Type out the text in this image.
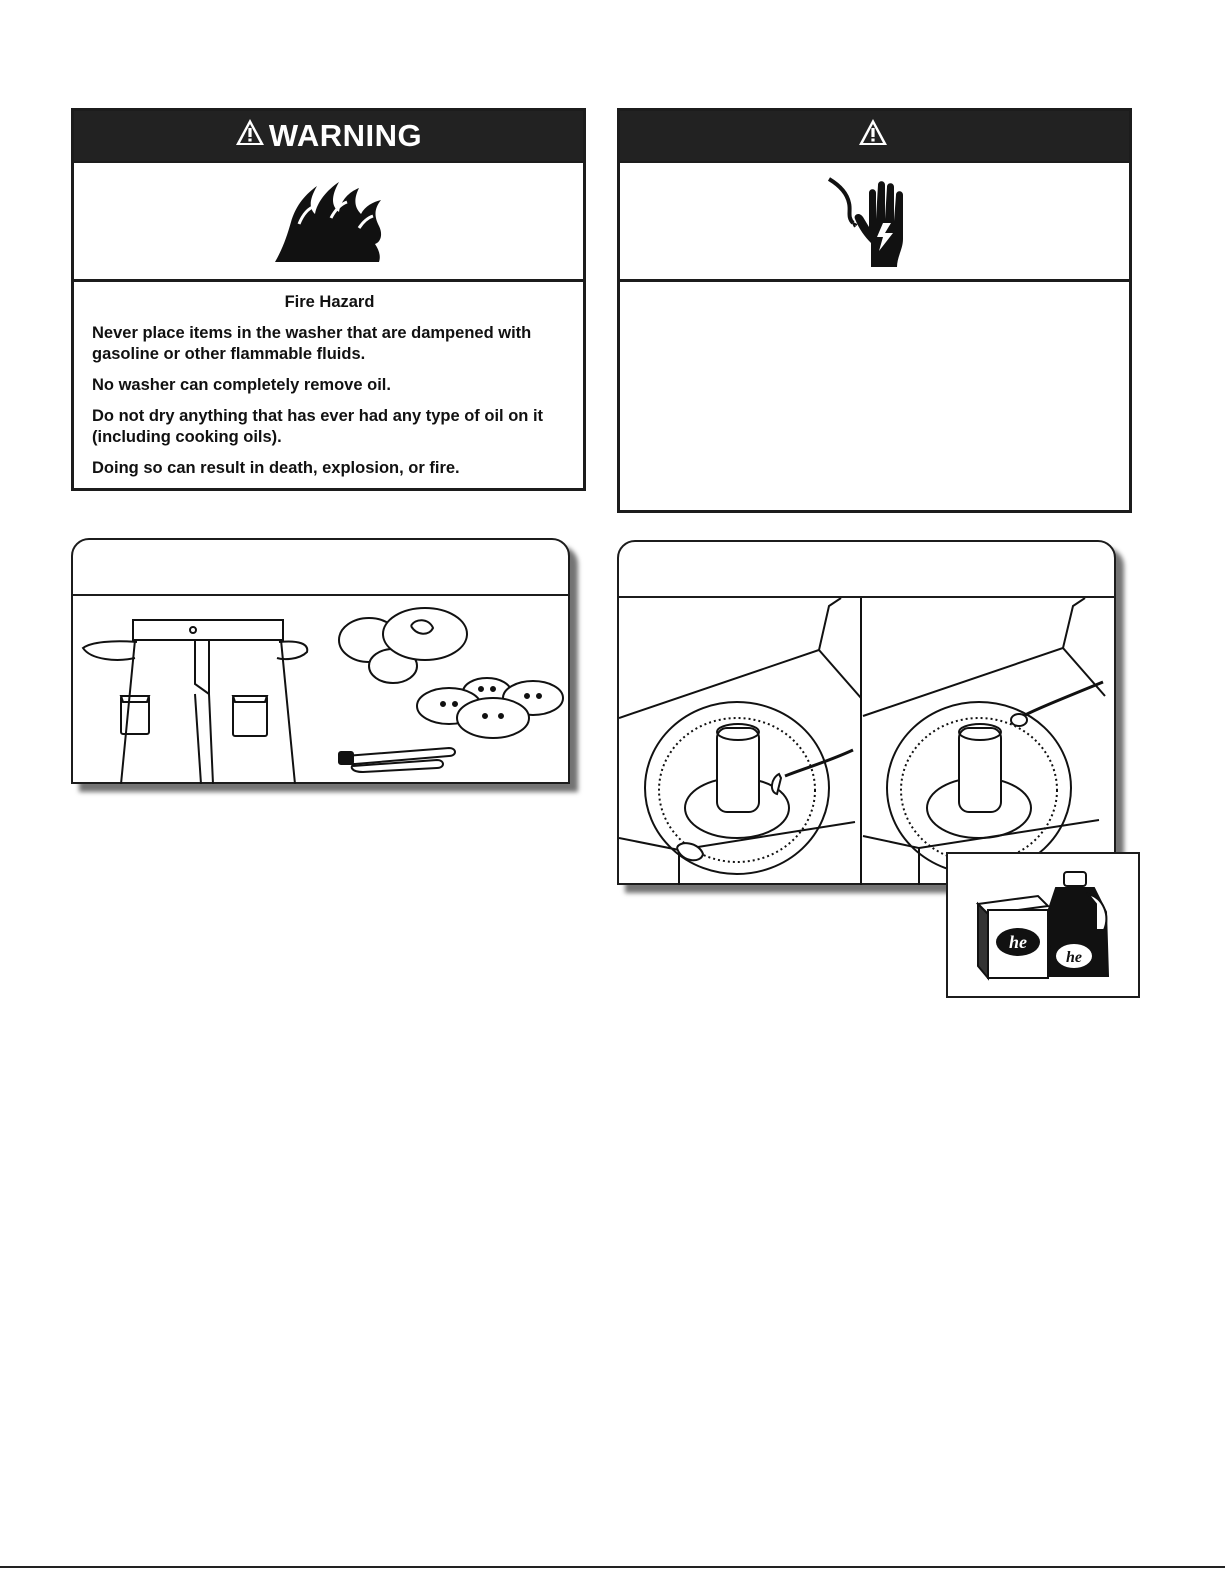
WARNING
Fire Hazard

Never place items in the washer that are dampened with gasoline or other flammable fluids.

No washer can completely remove oil.

Do not dry anything that has ever had any type of oil on it (including cooking oils).

Doing so can result in death, explosion, or fire.

he
he
